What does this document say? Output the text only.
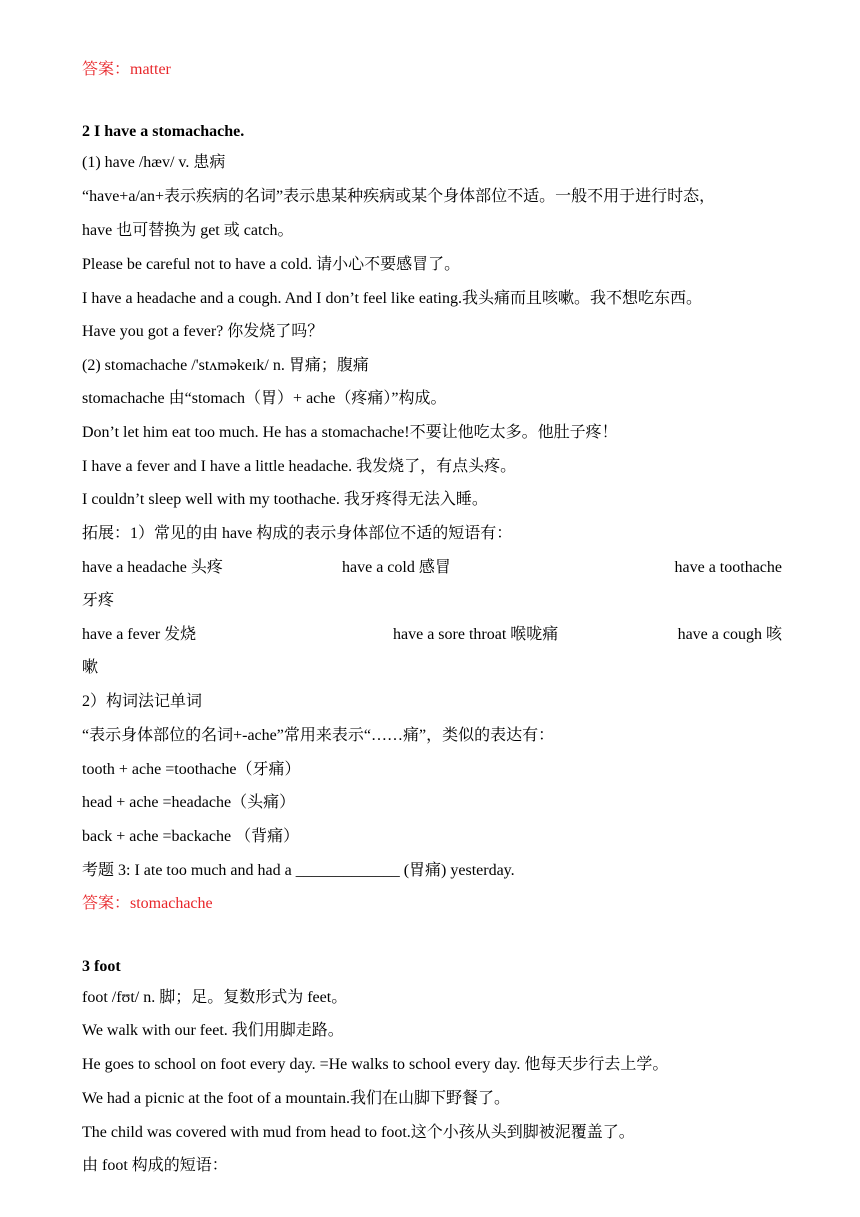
答案：matter
2 I have a stomachache.
(1) have /hæv/ v. 患病
“have+a/an+表示疾病的名词”表示患某种疾病或某个身体部位不适。一般不用于进行时态，
have 也可替换为 get 或 catch。
Please be careful not to have a cold. 请小心不要感冒了。
I have a headache and a cough. And I don’t feel like eating.我头痛而且咳嗽。我不想吃东西。
Have you got a fever? 你发烧了吗？
(2) stomachache /'stʌməkeɪk/ n. 胃痛；腹痛
stomachache 由“stomach（胃）+ ache（疼痛）”构成。
Don’t let him eat too much. He has a stomachache!不要让他吃太多。他肚子疼！
I have a fever and I have a little headache. 我发烧了，有点头疼。
I couldn’t sleep well with my toothache. 我牙疼得无法入睡。
拓展：1）常见的由 have 构成的表示身体部位不适的短语有：
have a headache 头疼	have a cold 感冒	have a toothache
牙疼
have a fever 发烧	have a sore throat 喉咙痛	have a cough 咳
嗽
2）构词法记单词
“表示身体部位的名词+-ache”常用来表示“……痛”，类似的表达有：
tooth + ache =toothache（牙痛）
head + ache =headache（头痛）
back + ache =backache （背痛）
考题 3: I ate too much and had a _____________ (胃痛) yesterday.
答案：stomachache
3 foot
foot /fʊt/ n. 脚；足。复数形式为 feet。
We walk with our feet. 我们用脚走路。
He goes to school on foot every day. =He walks to school every day. 他每天步行去上学。
We had a picnic at the foot of a mountain.我们在山脚下野餐了。
The child was covered with mud from head to foot.这个小孩从头到脚被泥覆盖了。
由 foot 构成的短语：
